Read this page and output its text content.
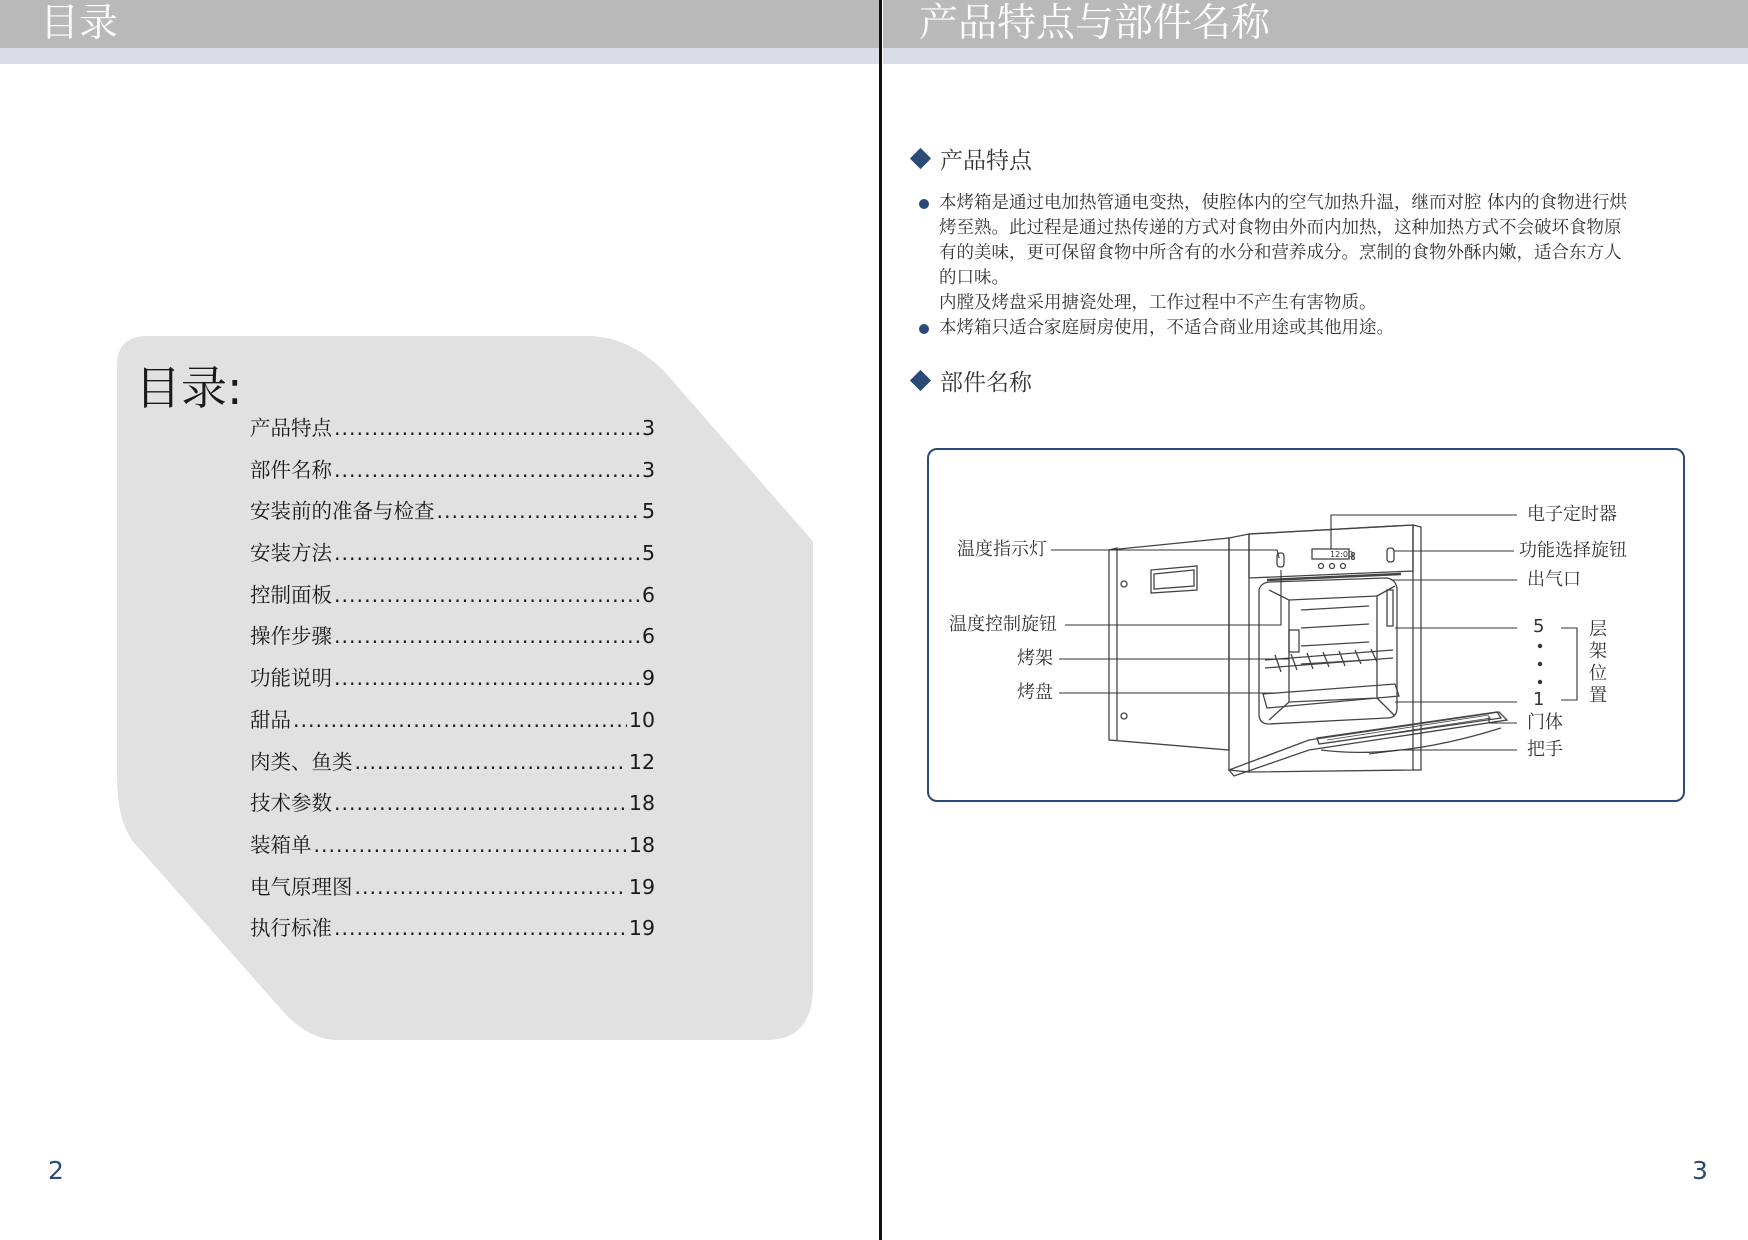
目录
目录:
产品特点 .....	3
部件名称 .....	3
安装前的准备与检查 .....	5
安装方法 .....	5
控制面板 .....	6
操作步骤 .....	6
功能说明 .....	9
甜品 .....	10
肉类、鱼类 .....	12
技术参数 .....	18
装箱单 .....	18
电气原理图 .....	19
执行标准 .....	19
2
产品特点与部件名称
产品特点
本烤箱是通过电加热管通电变热，使腔体内的空气加热升温，继而对腔 体内的食物进行烘
烤至熟。此过程是通过热传递的方式对食物由外而内加热，这种加热方式不会破坏食物原
有的美味，更可保留食物中所含有的水分和营养成分。烹制的食物外酥内嫩，适合东方人
的口味。
内膛及烤盘采用搪瓷处理，工作过程中不产生有害物质。
本烤箱只适合家庭厨房使用，不适合商业用途或其他用途。
部件名称
12:00
温度指示灯
温度控制旋钮
烤架
烤盘
电子定时器
功能选择旋钮
出气口
5
1
门体
把手
层
架
位
置
3
